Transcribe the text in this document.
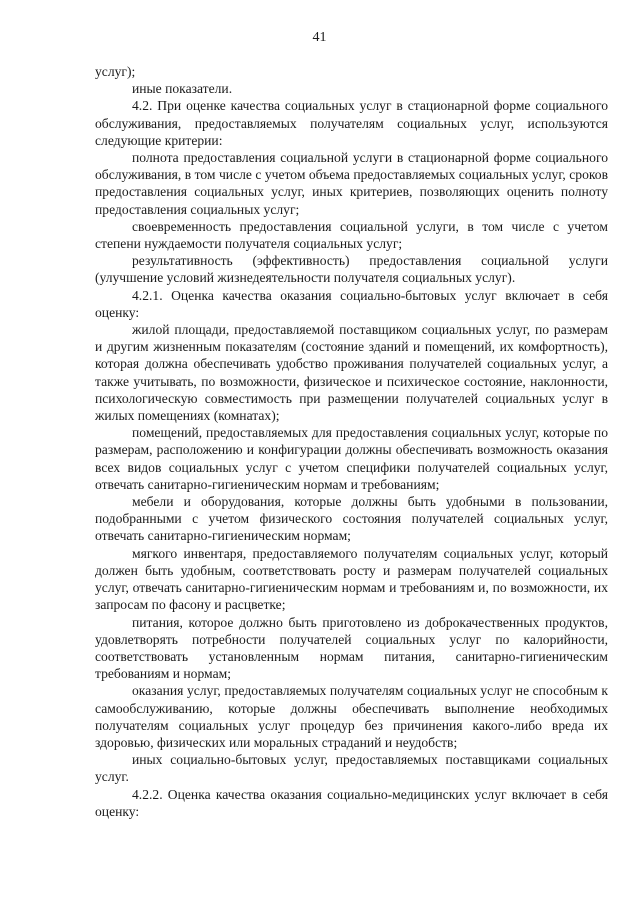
41

услуг);

иные показатели.

4.2. При оценке качества социальных услуг в стационарной форме социального обслуживания, предоставляемых получателям социальных услуг, используются следующие критерии:

полнота предоставления социальной услуги в стационарной форме социального обслуживания, в том числе с учетом объема предоставляемых социальных услуг, сроков предоставления социальных услуг, иных критериев, позволяющих оценить полноту предоставления социальных услуг;

своевременность предоставления социальной услуги, в том числе с учетом степени нуждаемости получателя социальных услуг;

результативность (эффективность) предоставления социальной услуги (улучшение условий жизнедеятельности получателя социальных услуг).

4.2.1. Оценка качества оказания социально-бытовых услуг включает в себя оценку:

жилой площади, предоставляемой поставщиком социальных услуг, по размерам и другим жизненным показателям (состояние зданий и помещений, их комфортность), которая должна обеспечивать удобство проживания получателей социальных услуг, а также учитывать, по возможности, физическое и психическое состояние, наклонности, психологическую совместимость при размещении получателей социальных услуг в жилых помещениях (комнатах);

помещений, предоставляемых для предоставления социальных услуг, которые по размерам, расположению и конфигурации должны обеспечивать возможность оказания всех видов социальных услуг с учетом специфики получателей социальных услуг, отвечать санитарно-гигиеническим нормам и требованиям;

мебели и оборудования, которые должны быть удобными в пользовании, подобранными с учетом физического состояния получателей социальных услуг, отвечать санитарно-гигиеническим нормам;

мягкого инвентаря, предоставляемого получателям социальных услуг, который должен быть удобным, соответствовать росту и размерам получателей социальных услуг, отвечать санитарно-гигиеническим нормам и требованиям и, по возможности, их запросам по фасону и расцветке;

питания, которое должно быть приготовлено из доброкачественных продуктов, удовлетворять потребности получателей социальных услуг по калорийности, соответствовать установленным нормам питания, санитарно-гигиеническим требованиям и нормам;

оказания услуг, предоставляемых получателям социальных услуг не способным к самообслуживанию, которые должны обеспечивать выполнение необходимых получателям социальных услуг процедур без причинения какого-либо вреда их здоровью, физических или моральных страданий и неудобств;

иных социально-бытовых услуг, предоставляемых поставщиками социальных услуг.

4.2.2. Оценка качества оказания социально-медицинских услуг включает в себя оценку:
